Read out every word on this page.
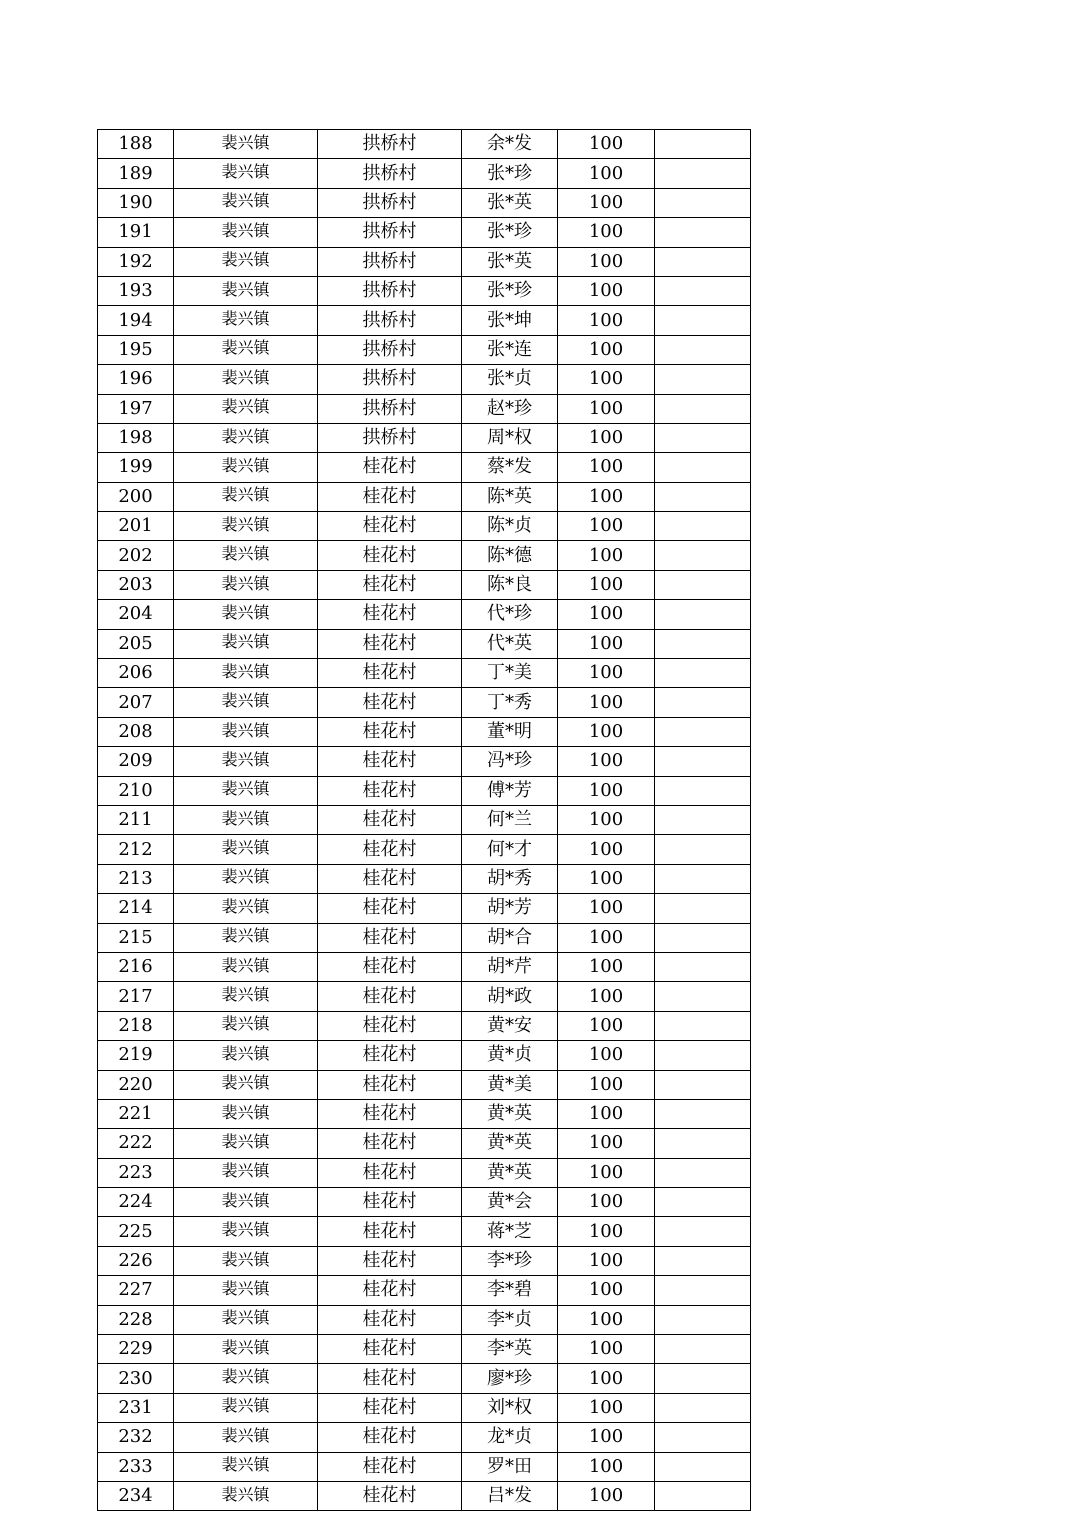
188	裴兴镇	拱桥村	余*发	100	
189	裴兴镇	拱桥村	张*珍	100	
190	裴兴镇	拱桥村	张*英	100	
191	裴兴镇	拱桥村	张*珍	100	
192	裴兴镇	拱桥村	张*英	100	
193	裴兴镇	拱桥村	张*珍	100	
194	裴兴镇	拱桥村	张*坤	100	
195	裴兴镇	拱桥村	张*连	100	
196	裴兴镇	拱桥村	张*贞	100	
197	裴兴镇	拱桥村	赵*珍	100	
198	裴兴镇	拱桥村	周*权	100	
199	裴兴镇	桂花村	蔡*发	100	
200	裴兴镇	桂花村	陈*英	100	
201	裴兴镇	桂花村	陈*贞	100	
202	裴兴镇	桂花村	陈*德	100	
203	裴兴镇	桂花村	陈*良	100	
204	裴兴镇	桂花村	代*珍	100	
205	裴兴镇	桂花村	代*英	100	
206	裴兴镇	桂花村	丁*美	100	
207	裴兴镇	桂花村	丁*秀	100	
208	裴兴镇	桂花村	董*明	100	
209	裴兴镇	桂花村	冯*珍	100	
210	裴兴镇	桂花村	傅*芳	100	
211	裴兴镇	桂花村	何*兰	100	
212	裴兴镇	桂花村	何*才	100	
213	裴兴镇	桂花村	胡*秀	100	
214	裴兴镇	桂花村	胡*芳	100	
215	裴兴镇	桂花村	胡*合	100	
216	裴兴镇	桂花村	胡*芹	100	
217	裴兴镇	桂花村	胡*政	100	
218	裴兴镇	桂花村	黄*安	100	
219	裴兴镇	桂花村	黄*贞	100	
220	裴兴镇	桂花村	黄*美	100	
221	裴兴镇	桂花村	黄*英	100	
222	裴兴镇	桂花村	黄*英	100	
223	裴兴镇	桂花村	黄*英	100	
224	裴兴镇	桂花村	黄*会	100	
225	裴兴镇	桂花村	蒋*芝	100	
226	裴兴镇	桂花村	李*珍	100	
227	裴兴镇	桂花村	李*碧	100	
228	裴兴镇	桂花村	李*贞	100	
229	裴兴镇	桂花村	李*英	100	
230	裴兴镇	桂花村	廖*珍	100	
231	裴兴镇	桂花村	刘*权	100	
232	裴兴镇	桂花村	龙*贞	100	
233	裴兴镇	桂花村	罗*田	100	
234	裴兴镇	桂花村	吕*发	100	
